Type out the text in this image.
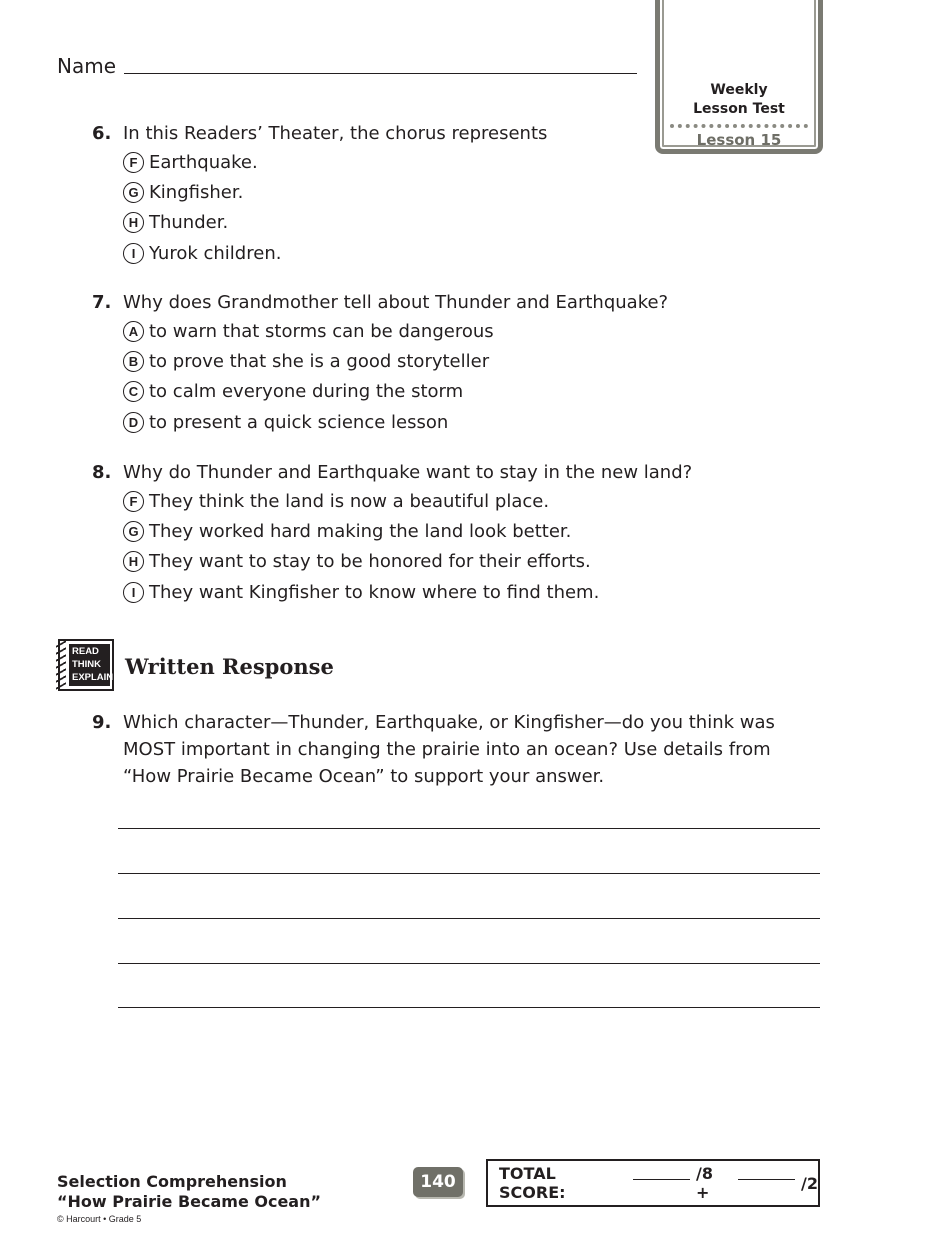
Name
Weekly
Lesson Test
Lesson 15
6. In this Readers’ Theater, the chorus represents
F Earthquake.
G Kingfisher.
H Thunder.
I Yurok children.
7. Why does Grandmother tell about Thunder and Earthquake?
A to warn that storms can be dangerous
B to prove that she is a good storyteller
C to calm everyone during the storm
D to present a quick science lesson
8. Why do Thunder and Earthquake want to stay in the new land?
F They think the land is now a beautiful place.
G They worked hard making the land look better.
H They want to stay to be honored for their efforts.
I They want Kingfisher to know where to find them.
READ
THINK
EXPLAIN Written Response
9. Which character—Thunder, Earthquake, or Kingfisher—do you think was MOST important in changing the prairie into an ocean? Use details from “How Prairie Became Ocean” to support your answer.
Selection Comprehension
“How Prairie Became Ocean”
© Harcourt • Grade 5
140	TOTAL SCORE:
/8 +	/2
